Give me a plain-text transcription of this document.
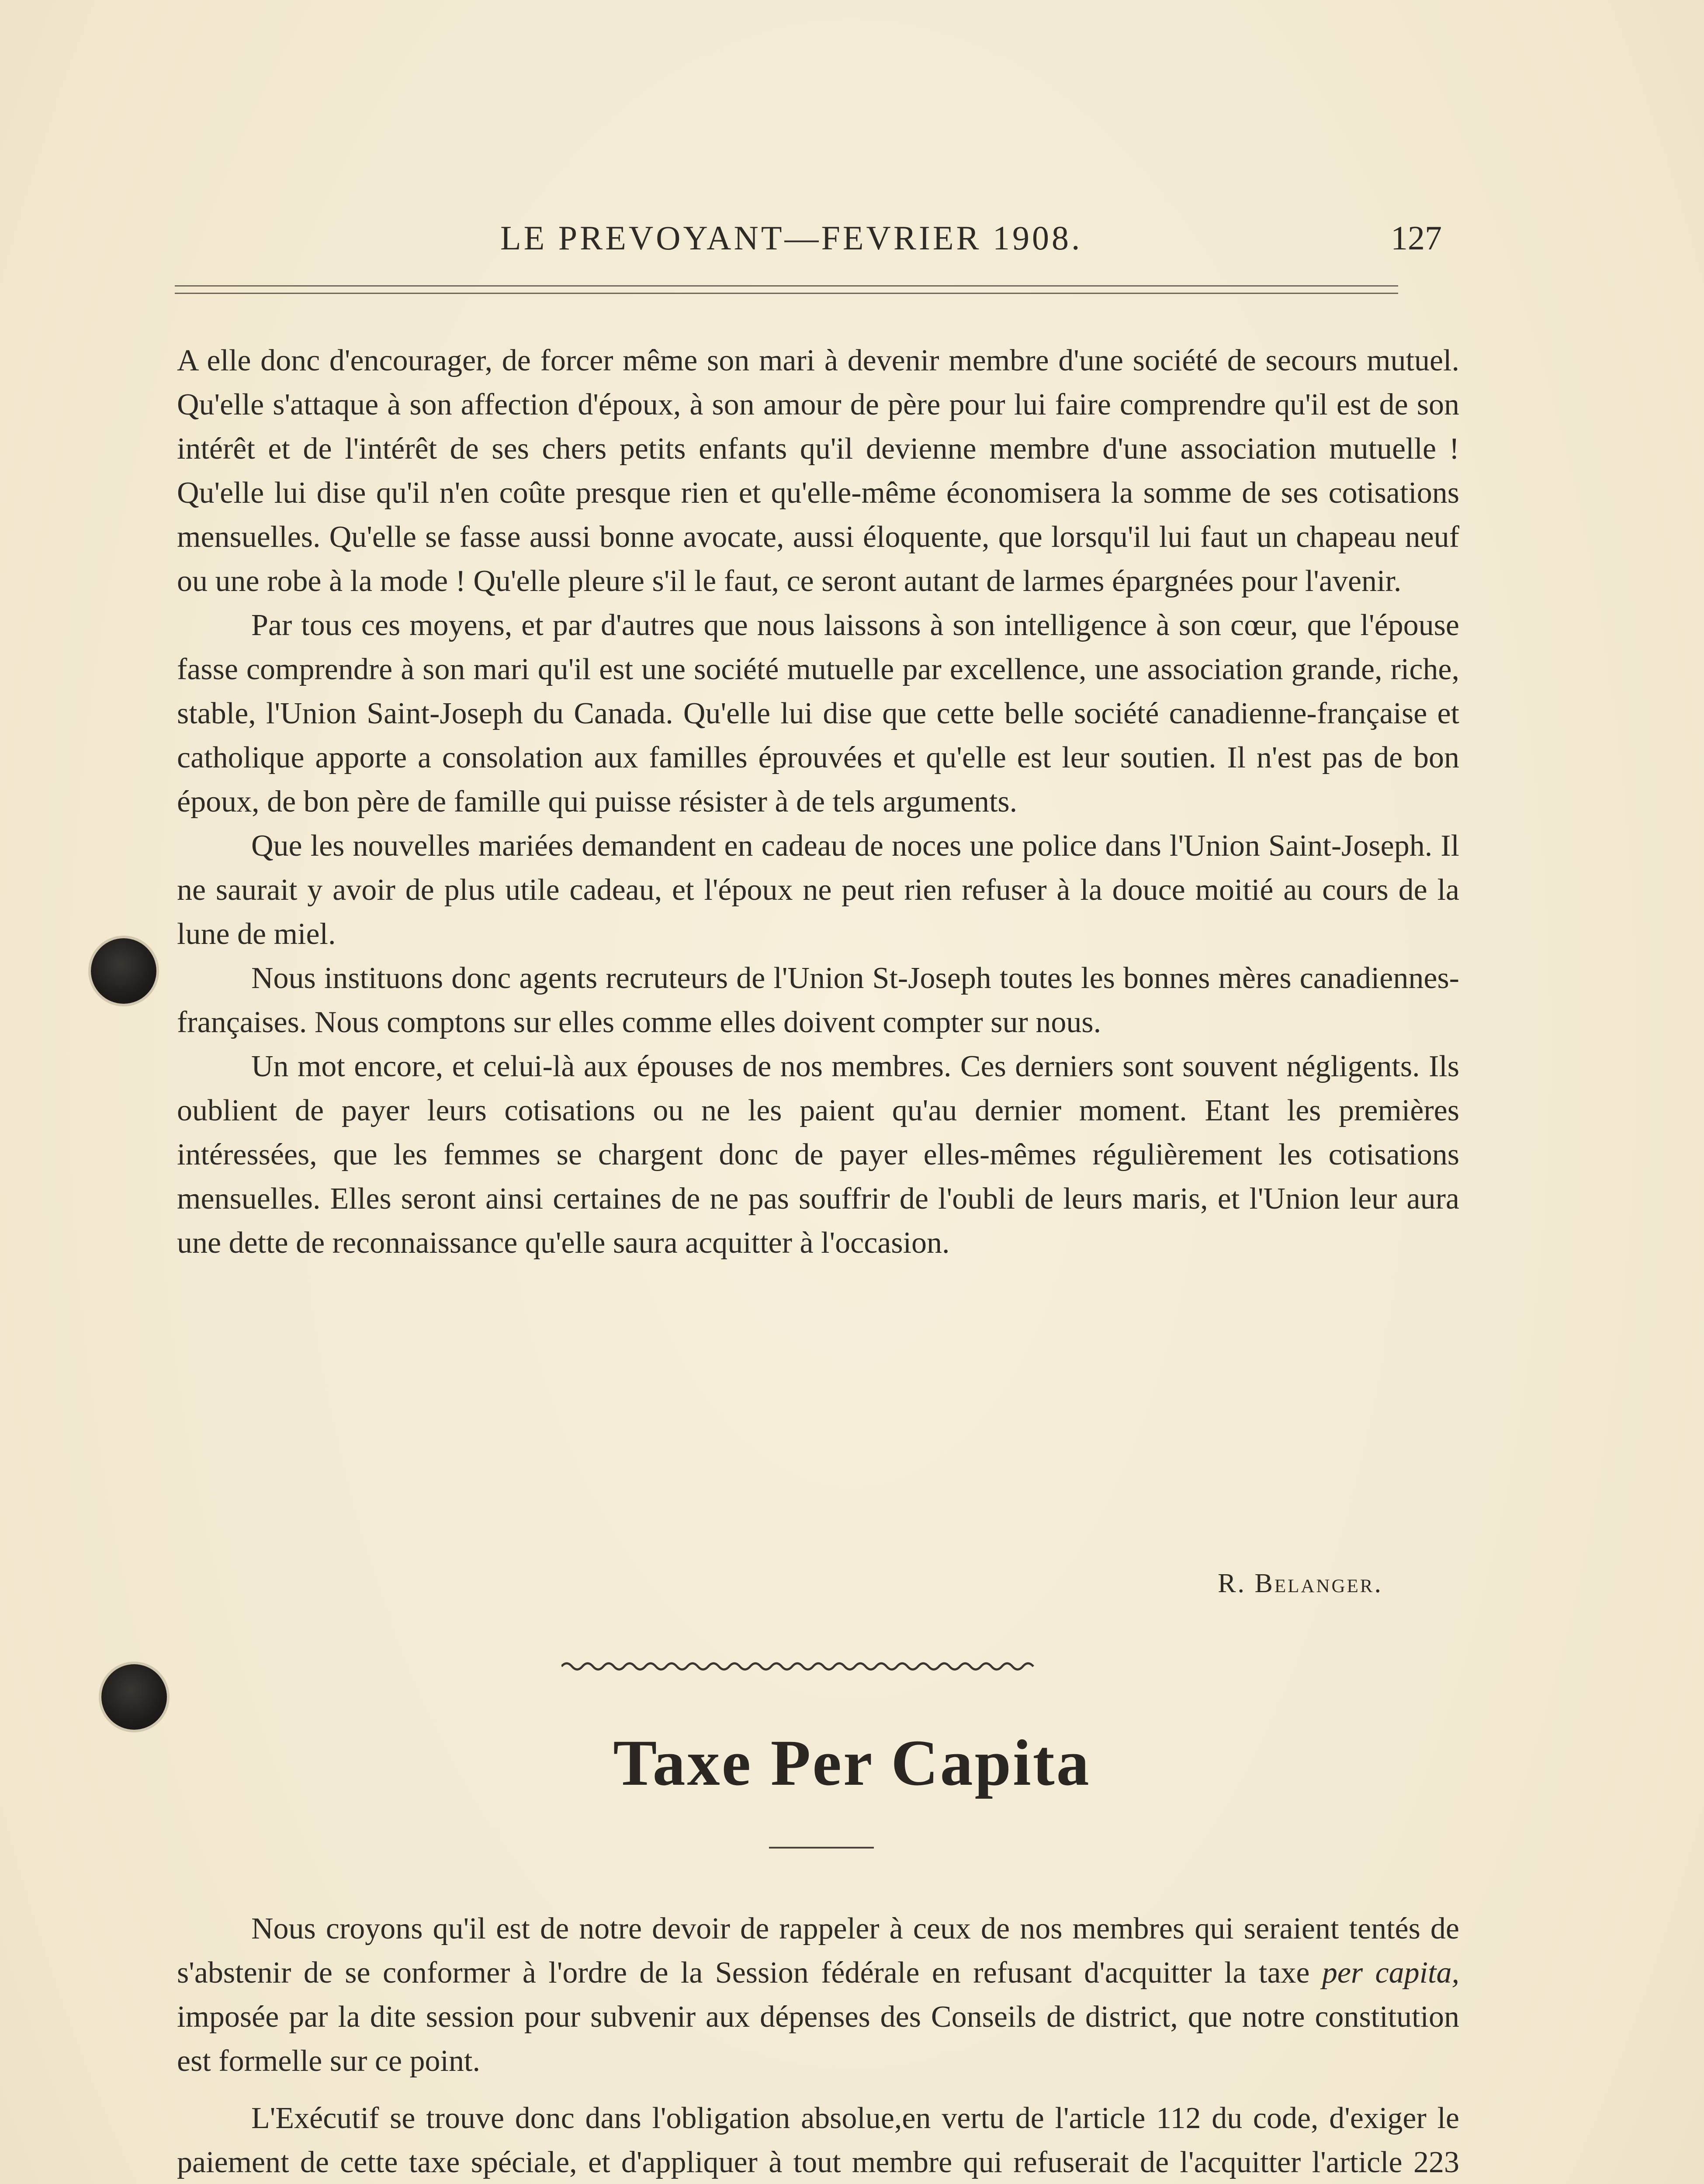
LE PREVOYANT—FEVRIER 1908.	127

A elle donc d'encourager, de forcer même son mari à devenir membre d'une société de secours mutuel. Qu'elle s'attaque à son affection d'époux, à son amour de père pour lui faire comprendre qu'il est de son intérêt et de l'intérêt de ses chers petits enfants qu'il devienne membre d'une association mutuelle ! Qu'elle lui dise qu'il n'en coûte presque rien et qu'elle-même économisera la somme de ses cotisations mensuelles. Qu'elle se fasse aussi bonne avocate, aussi éloquente, que lorsqu'il lui faut un chapeau neuf ou une robe à la mode ! Qu'elle pleure s'il le faut, ce seront autant de larmes épargnées pour l'avenir.

Par tous ces moyens, et par d'autres que nous laissons à son intelligence à son cœur, que l'épouse fasse comprendre à son mari qu'il est une société mutuelle par excellence, une association grande, riche, stable, l'Union Saint-Joseph du Canada. Qu'elle lui dise que cette belle société canadienne-française et catholique apporte a consolation aux familles éprouvées et qu'elle est leur soutien. Il n'est pas de bon époux, de bon père de famille qui puisse résister à de tels arguments.

Que les nouvelles mariées demandent en cadeau de noces une police dans l'Union Saint-Joseph. Il ne saurait y avoir de plus utile cadeau, et l'époux ne peut rien refuser à la douce moitié au cours de la lune de miel.

Nous instituons donc agents recruteurs de l'Union St-Joseph toutes les bonnes mères canadiennes-françaises. Nous comptons sur elles comme elles doivent compter sur nous.

Un mot encore, et celui-là aux épouses de nos membres. Ces derniers sont souvent négligents. Ils oublient de payer leurs cotisations ou ne les paient qu'au dernier moment. Etant les premières intéressées, que les femmes se chargent donc de payer elles-mêmes régulièrement les cotisations mensuelles. Elles seront ainsi certaines de ne pas souffrir de l'oubli de leurs maris, et l'Union leur aura une dette de reconnaissance qu'elle saura acquitter à l'occasion.

R. Belanger.
Taxe Per Capita

Nous croyons qu'il est de notre devoir de rappeler à ceux de nos membres qui seraient tentés de s'abstenir de se conformer à l'ordre de la Session fédérale en refusant d'acquitter la taxe per capita, imposée par la dite session pour subvenir aux dépenses des Conseils de district, que notre constitution est formelle sur ce point.

L'Exécutif se trouve donc dans l'obligation absolue,en vertu de l'article 112 du code, d'exiger le paiement de cette taxe spéciale, et d'appliquer à tout membre qui refuserait de l'acquitter l'article 223
